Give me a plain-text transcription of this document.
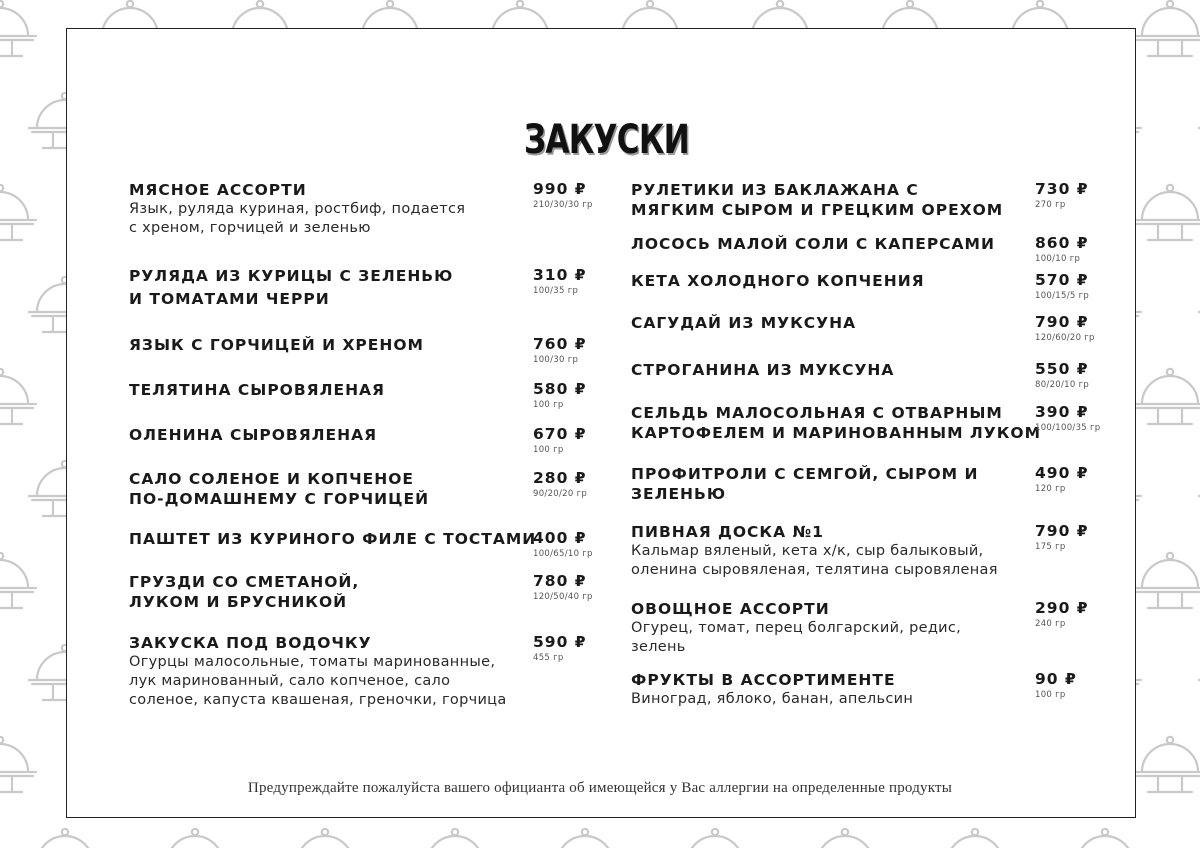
ЗАКУСКИ
МЯСНОЕ АССОРТИ
Язык, руляда куриная, ростбиф, подается
с хреном, горчицей и зеленью
990 ₽
210/30/30 гр
РУЛЯДА ИЗ КУРИЦЫ С ЗЕЛЕНЬЮ
И ТОМАТАМИ ЧЕРРИ
310 ₽
100/35 гр
ЯЗЫК С ГОРЧИЦЕЙ И ХРЕНОМ	760 ₽
100/30 гр
ТЕЛЯТИНА СЫРОВЯЛЕНАЯ	580 ₽
100 гр
ОЛЕНИНА СЫРОВЯЛЕНАЯ	670 ₽
100 гр
САЛО СОЛЕНОЕ И КОПЧЕНОЕ
ПО-ДОМАШНЕМУ С ГОРЧИЦЕЙ
280 ₽
90/20/20 гр
ПАШТЕТ ИЗ КУРИНОГО ФИЛЕ С ТОСТАМИ
400 ₽
100/65/10 гр
ГРУЗДИ СО СМЕТАНОЙ,
ЛУКОМ И БРУСНИКОЙ
780 ₽
120/50/40 гр
ЗАКУСКА ПОД ВОДОЧКУ
Огурцы малосольные, томаты маринованные,
лук маринованный, сало копченое, сало
соленое, капуста квашеная, греночки, горчица
590 ₽
455 гр
РУЛЕТИКИ ИЗ БАКЛАЖАНА С
МЯГКИМ СЫРОМ И ГРЕЦКИМ ОРЕХОМ
730 ₽
270 гр
ЛОСОСЬ МАЛОЙ СОЛИ С КАПЕРСАМИ	860 ₽
100/10 гр
КЕТА ХОЛОДНОГО КОПЧЕНИЯ	570 ₽
100/15/5 гр
САГУДАЙ ИЗ МУКСУНА	790 ₽
120/60/20 гр
СТРОГАНИНА ИЗ МУКСУНА	550 ₽
80/20/10 гр
СЕЛЬДЬ МАЛОСОЛЬНАЯ С ОТВАРНЫМ
КАРТОФЕЛЕМ И МАРИНОВАННЫМ ЛУКОМ
390 ₽
100/100/35 гр
ПРОФИТРОЛИ С СЕМГОЙ, СЫРОМ И
ЗЕЛЕНЬЮ
490 ₽
120 гр
ПИВНАЯ ДОСКА №1
Кальмар вяленый, кета х/к, сыр балыковый,
оленина сыровяленая, телятина сыровяленая
790 ₽
175 гр
ОВОЩНОЕ АССОРТИ
Огурец, томат, перец болгарский, редис,
зелень
290 ₽
240 гр
ФРУКТЫ В АССОРТИМЕНТЕ
Виноград, яблоко, банан, апельсин
90 ₽
100 гр
Предупреждайте пожалуйста вашего официанта об имеющейся у Вас аллергии на определенные продукты
